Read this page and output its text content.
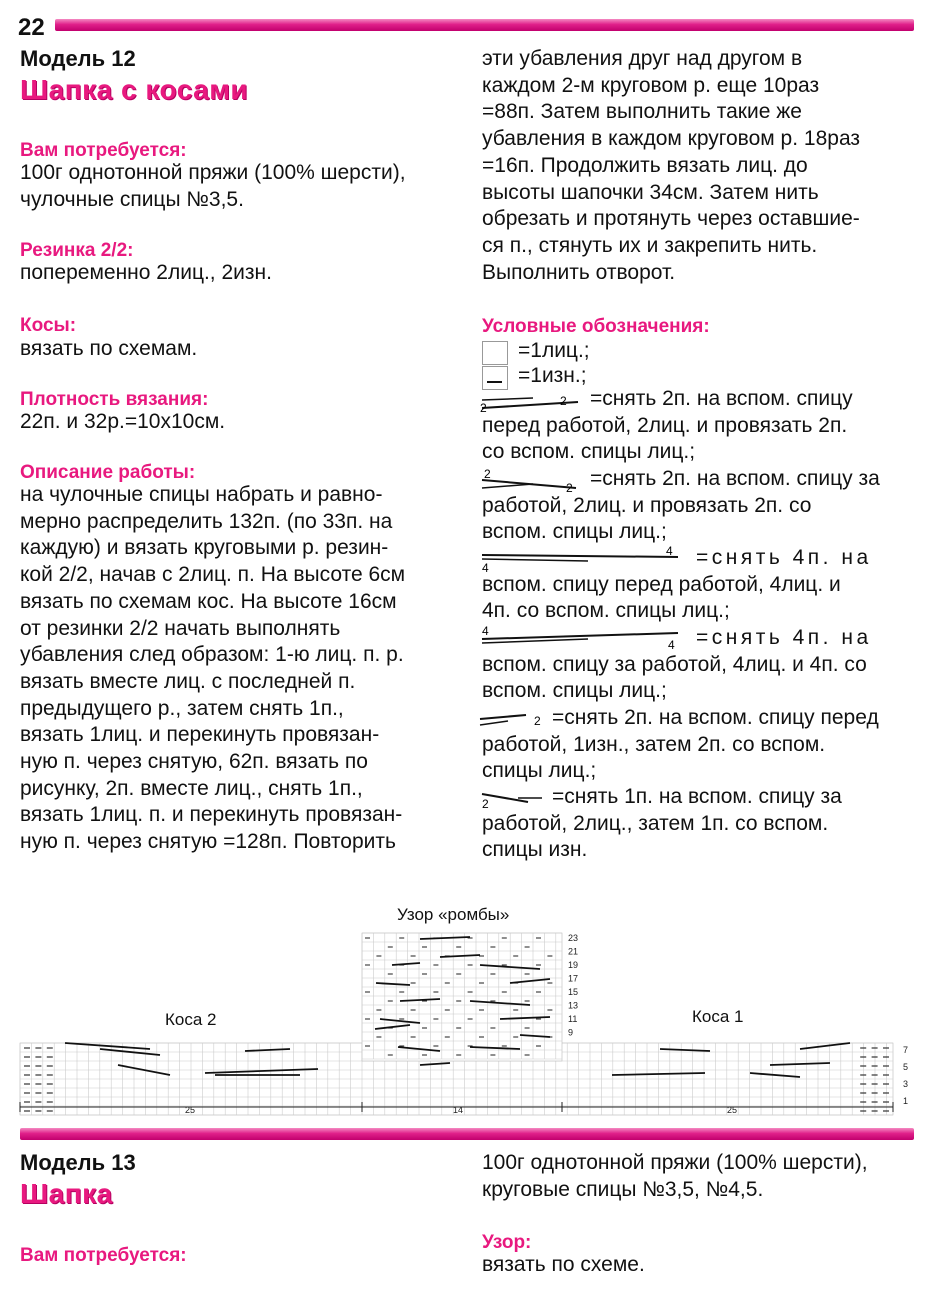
22
Модель 12
Шапка с косами
Вам потребуется:
100г однотонной пряжи (100% шерсти),
чулочные спицы №3,5.
Резинка 2/2:
попеременно 2лиц., 2изн.
Косы:
вязать по схемам.
Плотность вязания:
22п. и 32р.=10х10см.
Описание работы:
на чулочные спицы набрать и равно-
мерно распределить 132п. (по 33п. на
каждую) и вязать круговыми р. резин-
кой 2/2, начав с 2лиц. п. На высоте 6см
вязать по схемам кос. На высоте 16см
от резинки 2/2 начать выполнять
убавления след образом: 1-ю лиц. п. р.
вязать вместе лиц. с последней п.
предыдущего р., затем снять 1п.,
вязать 1лиц. и перекинуть провязан-
ную п. через снятую, 62п. вязать по
рисунку, 2п. вместе лиц., снять 1п.,
вязать 1лиц. п. и перекинуть провязан-
ную п. через снятую =128п. Повторить
эти убавления друг над другом в
каждом 2-м круговом р. еще 10раз
=88п. Затем выполнить такие же
убавления в каждом круговом р. 18раз
=16п. Продолжить вязать лиц. до
высоты шапочки 34см. Затем нить
обрезать и протянуть через оставшие-
ся п., стянуть их и закрепить нить.
Выполнить отворот.
Условные обозначения:
=1лиц.;
=1изн.;
2	2 =снять 2п. на вспом. спицу
перед работой, 2лиц. и провязать 2п.
со вспом. спицы лиц.;
2
2 =снять 2п. на вспом. спицу за
работой, 2лиц. и провязать 2п. со
вспом. спицы лиц.;
4
4 =снять 4п. на
вспом. спицу перед работой, 4лиц. и
4п. со вспом. спицы лиц.;
4
4 =снять 4п. на
вспом. спицу за работой, 4лиц. и 4п. со
вспом. спицы лиц.;
2 =снять 2п. на вспом. спицу перед
работой, 1изн., затем 2п. со вспом.
спицы лиц.;
2	=снять 1п. на вспом. спицу за
работой, 2лиц., затем 1п. со вспом.
спицы изн.
Узор «ромбы»
Коса 2	Коса 1
23
21
19
17
15
13
11
9
7
5
3
1
25	14	25
Модель 13
Шапка
Вам потребуется:
100г однотонной пряжи (100% шерсти),
круговые спицы №3,5, №4,5.
Узор:
вязать по схеме.
